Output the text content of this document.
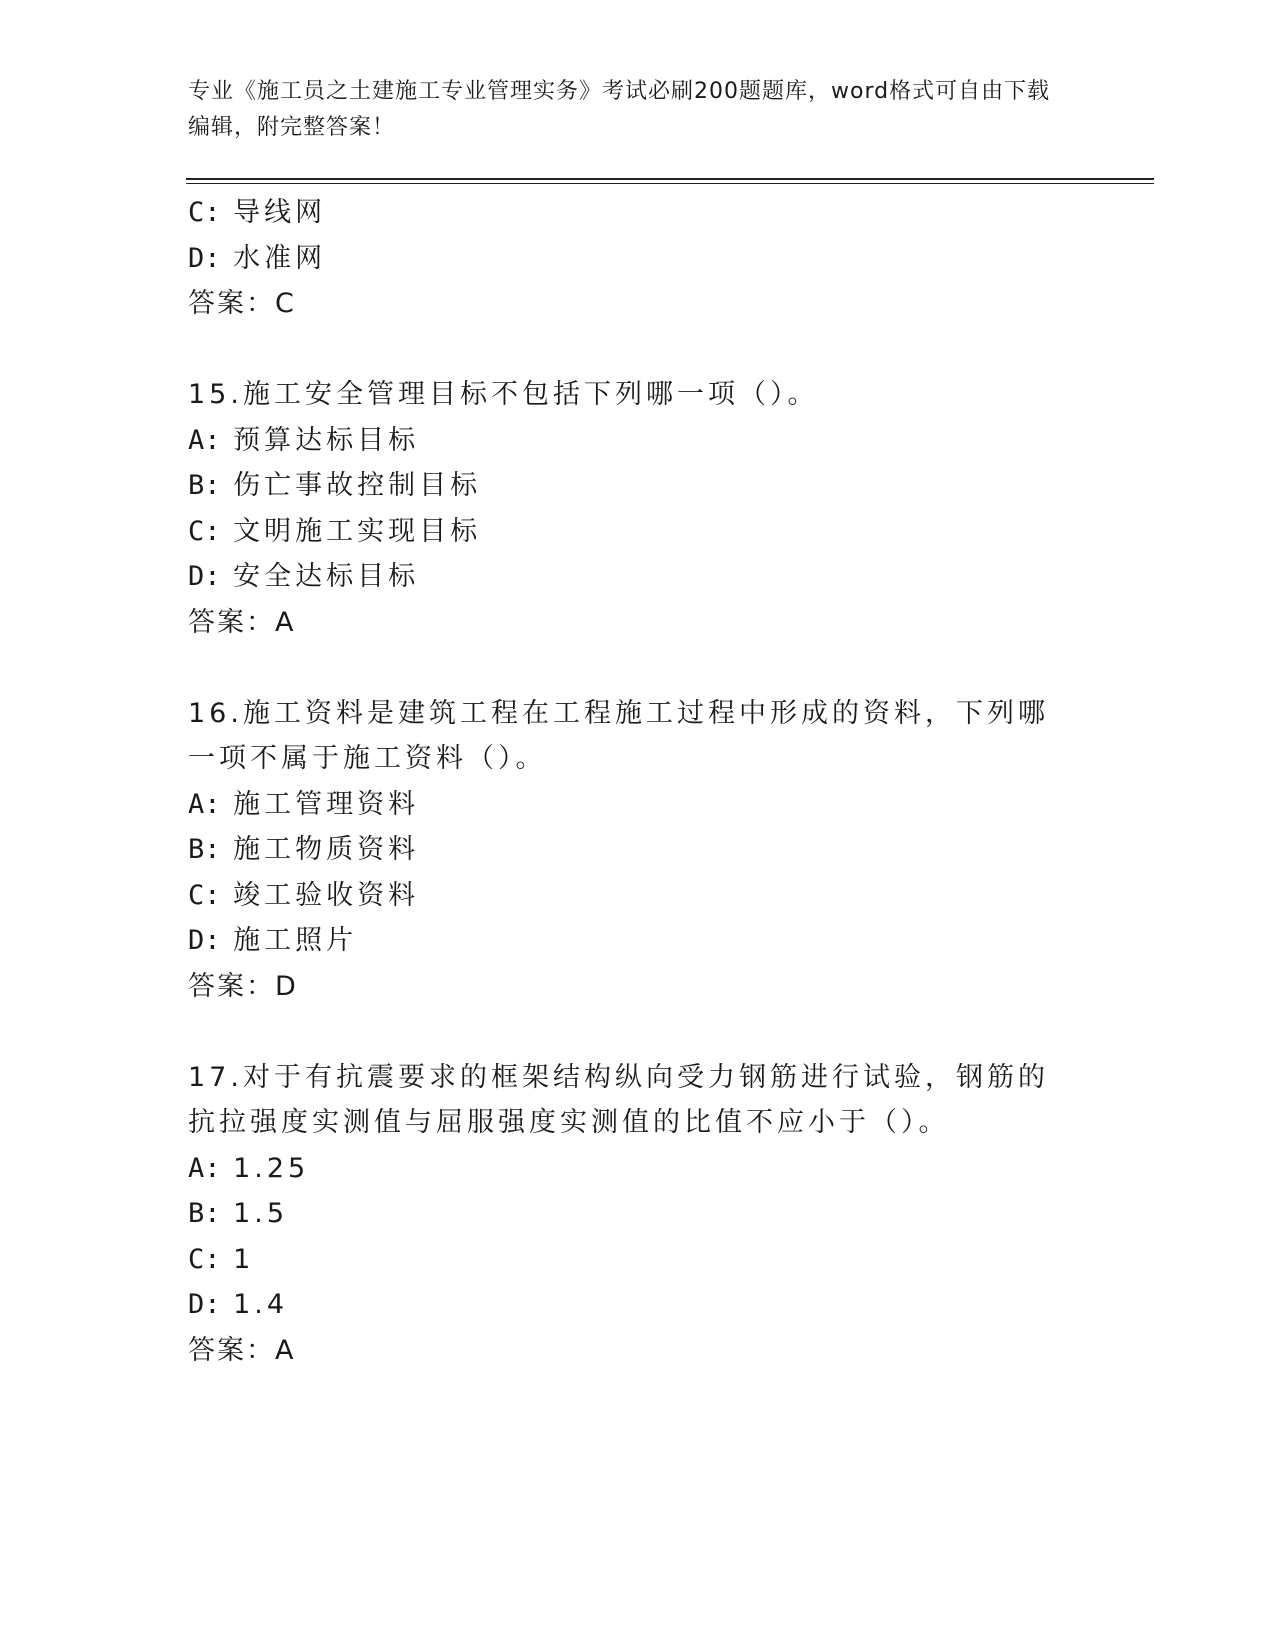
专业《施工员之土建施工专业管理实务》考试必刷200题题库，word格式可自由下载编辑，附完整答案！
C: 导线网
D: 水准网
答案：C
15.施工安全管理目标不包括下列哪一项（）。
A: 预算达标目标
B: 伤亡事故控制目标
C: 文明施工实现目标
D: 安全达标目标
答案：A
16.施工资料是建筑工程在工程施工过程中形成的资料，下列哪一项不属于施工资料（）。
A: 施工管理资料
B: 施工物质资料
C: 竣工验收资料
D: 施工照片
答案：D
17.对于有抗震要求的框架结构纵向受力钢筋进行试验，钢筋的抗拉强度实测值与屈服强度实测值的比值不应小于（）。
A: 1.25
B: 1.5
C: 1
D: 1.4
答案：A
